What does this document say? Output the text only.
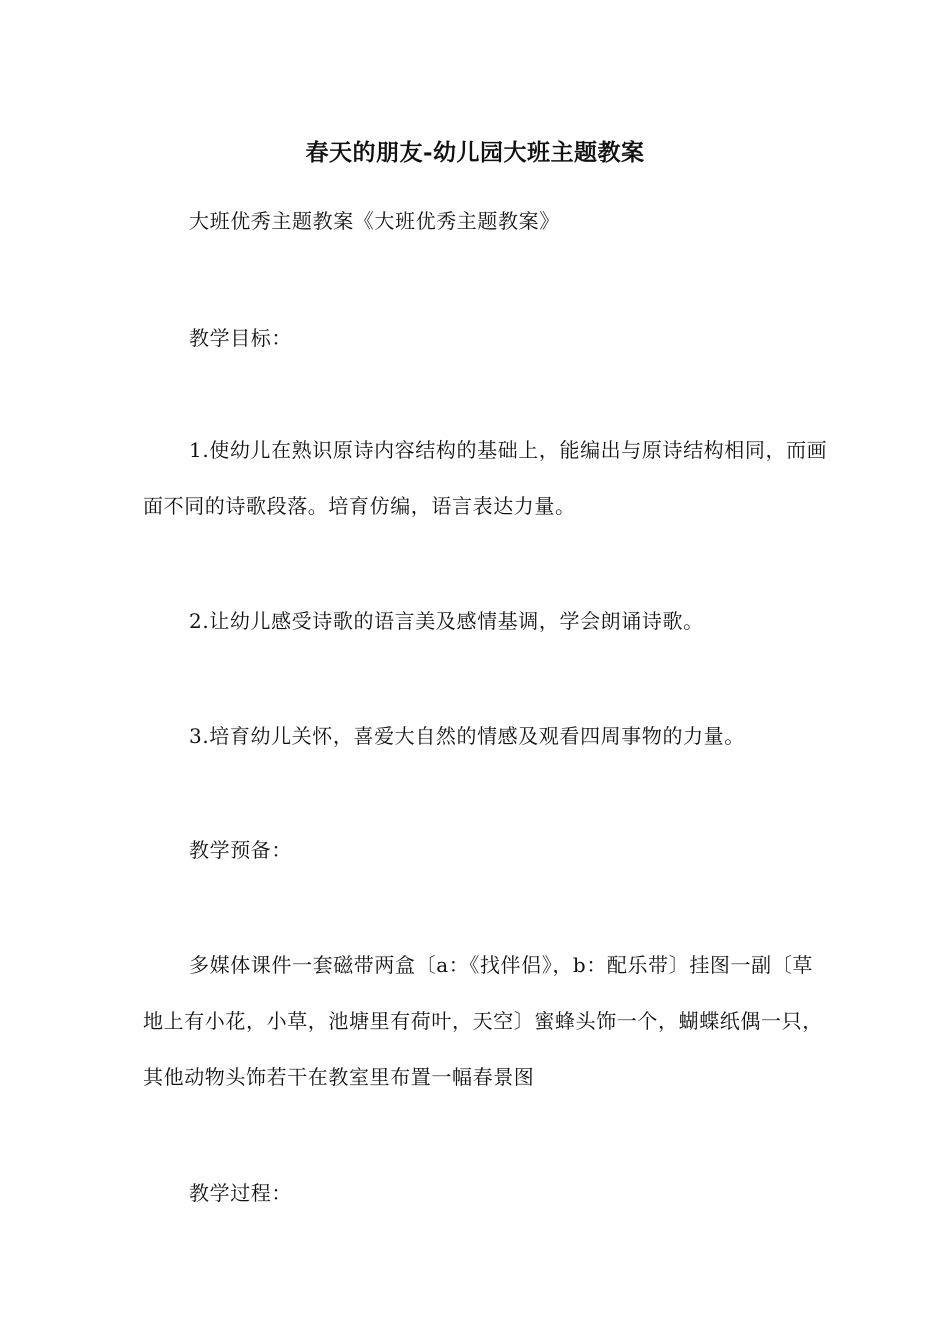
春天的朋友-幼儿园大班主题教案

大班优秀主题教案《大班优秀主题教案》

教学目标：

1.使幼儿在熟识原诗内容结构的基础上，能编出与原诗结构相同，而画面不同的诗歌段落。培育仿编，语言表达力量。

2.让幼儿感受诗歌的语言美及感情基调，学会朗诵诗歌。

3.培育幼儿关怀，喜爱大自然的情感及观看四周事物的力量。

教学预备：

多媒体课件一套磁带两盒〔a：《找伴侣》，b：配乐带〕挂图一副〔草地上有小花，小草，池塘里有荷叶，天空〕蜜蜂头饰一个，蝴蝶纸偶一只，其他动物头饰若干在教室里布置一幅春景图

教学过程：
